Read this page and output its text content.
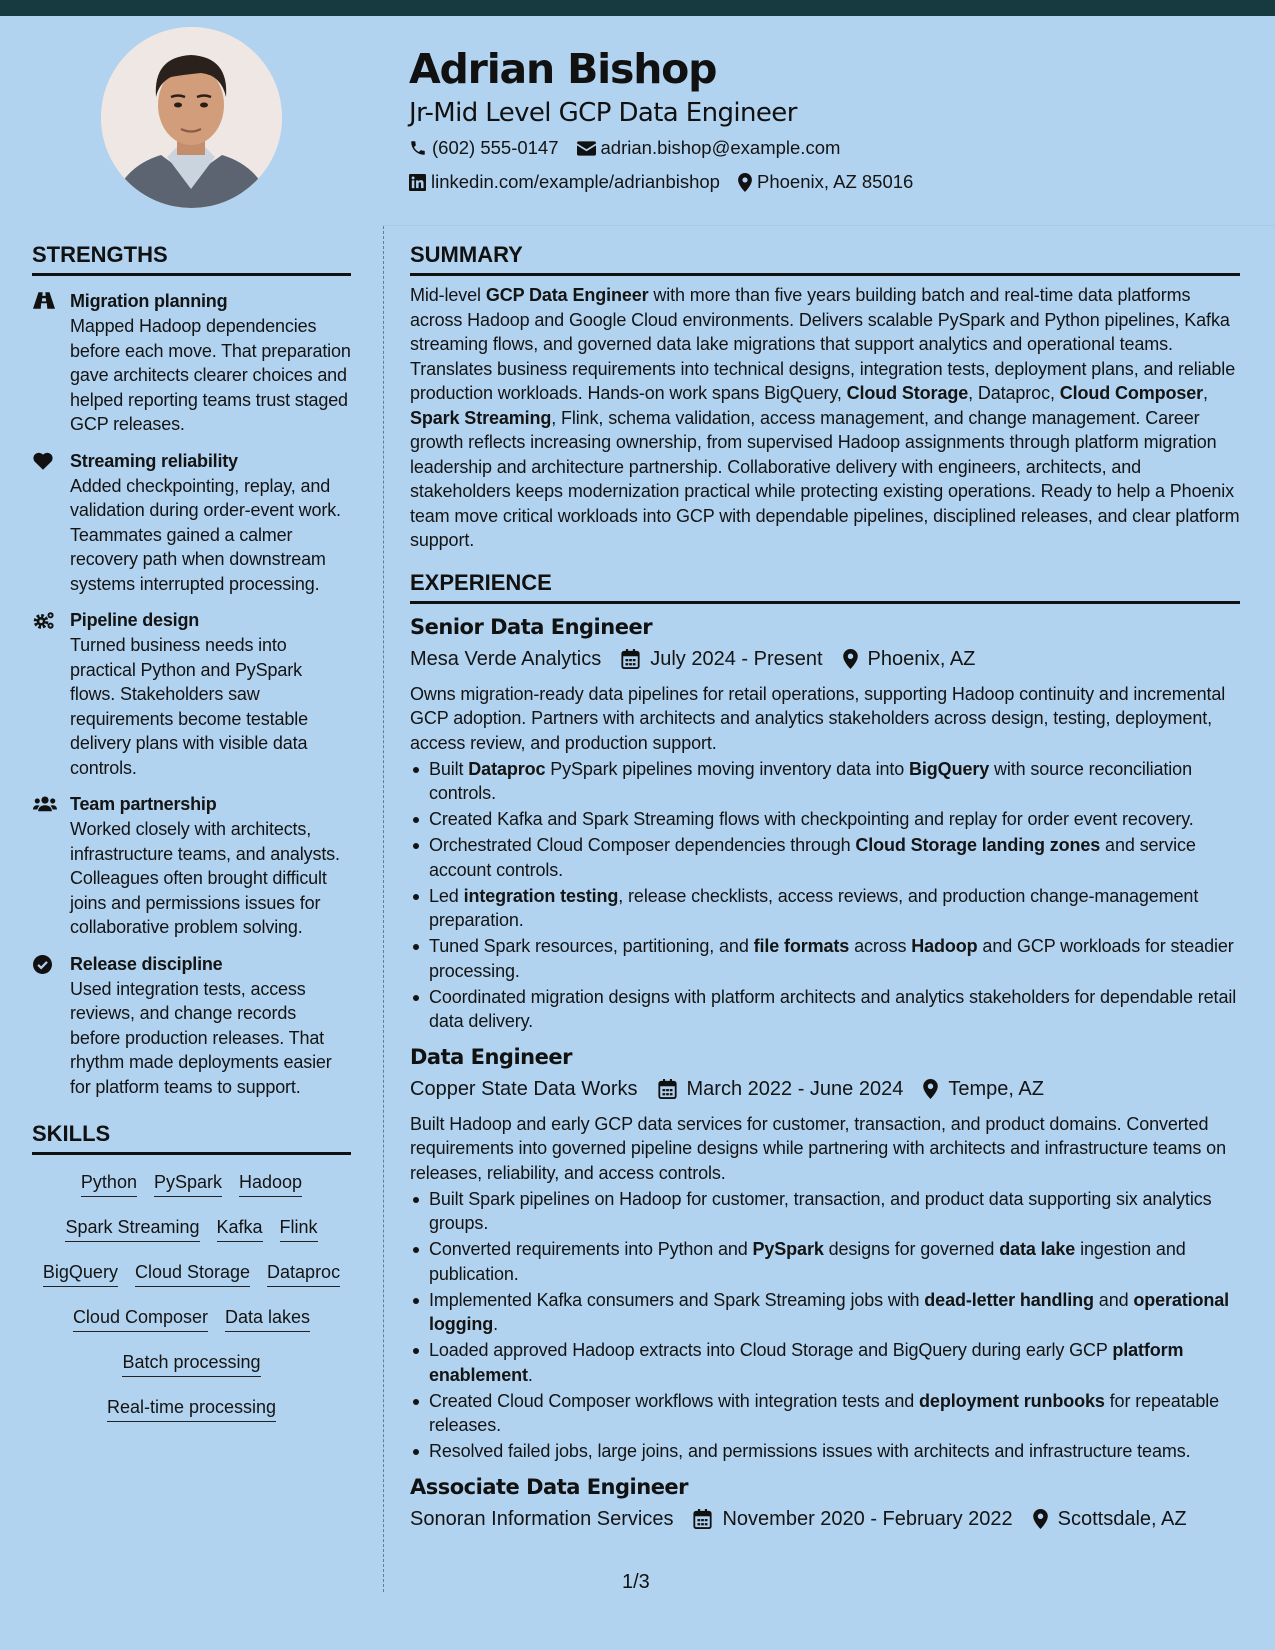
Adrian Bishop
Jr-Mid Level GCP Data Engineer
(602) 555-0147 adrian.bishop@example.com
linkedin.com/example/adrianbishop Phoenix, AZ 85016
STRENGTHS
Migration planning
Mapped Hadoop dependencies before each move. That preparation gave architects clearer choices and helped reporting teams trust staged GCP releases.
Streaming reliability
Added checkpointing, replay, and validation during order-event work. Teammates gained a calmer recovery path when downstream systems interrupted processing.
Pipeline design
Turned business needs into practical Python and PySpark flows. Stakeholders saw requirements become testable delivery plans with visible data controls.
Team partnership
Worked closely with architects, infrastructure teams, and analysts. Colleagues often brought difficult joins and permissions issues for collaborative problem solving.
Release discipline
Used integration tests, access reviews, and change records before production releases. That rhythm made deployments easier for platform teams to support.
SKILLS
Python PySpark Hadoop
Spark Streaming Kafka Flink
BigQuery Cloud Storage Dataproc
Cloud Composer Data lakes
Batch processing
Real-time processing
SUMMARY

Mid-level GCP Data Engineer with more than five years building batch and real-time data platforms across Hadoop and Google Cloud environments. Delivers scalable PySpark and Python pipelines, Kafka streaming flows, and governed data lake migrations that support analytics and operational teams. Translates business requirements into technical designs, integration tests, deployment plans, and reliable production workloads. Hands-on work spans BigQuery, Cloud Storage, Dataproc, Cloud Composer, Spark Streaming, Flink, schema validation, access management, and change management. Career growth reflects increasing ownership, from supervised Hadoop assignments through platform migration leadership and architecture partnership. Collaborative delivery with engineers, architects, and stakeholders keeps modernization practical while protecting existing operations. Ready to help a Phoenix team move critical workloads into GCP with dependable pipelines, disciplined releases, and clear platform support.

EXPERIENCE
Senior Data Engineer
Mesa Verde Analytics July 2024 - Present Phoenix, AZ

Owns migration-ready data pipelines for retail operations, supporting Hadoop continuity and incremental GCP adoption. Partners with architects and analytics stakeholders across design, testing, deployment, access review, and production support.

Built Dataproc PySpark pipelines moving inventory data into BigQuery with source reconciliation controls.
Created Kafka and Spark Streaming flows with checkpointing and replay for order event recovery.
Orchestrated Cloud Composer dependencies through Cloud Storage landing zones and service account controls.
Led integration testing, release checklists, access reviews, and production change-management preparation.
Tuned Spark resources, partitioning, and file formats across Hadoop and GCP workloads for steadier processing.
Coordinated migration designs with platform architects and analytics stakeholders for dependable retail data delivery.
Data Engineer
Copper State Data Works March 2022 - June 2024 Tempe, AZ

Built Hadoop and early GCP data services for customer, transaction, and product domains. Converted requirements into governed pipeline designs while partnering with architects and infrastructure teams on releases, reliability, and access controls.

Built Spark pipelines on Hadoop for customer, transaction, and product data supporting six analytics groups.
Converted requirements into Python and PySpark designs for governed data lake ingestion and publication.
Implemented Kafka consumers and Spark Streaming jobs with dead-letter handling and operational logging.
Loaded approved Hadoop extracts into Cloud Storage and BigQuery during early GCP platform enablement.
Created Cloud Composer workflows with integration tests and deployment runbooks for repeatable releases.
Resolved failed jobs, large joins, and permissions issues with architects and infrastructure teams.
Associate Data Engineer
Sonoran Information Services November 2020 - February 2022 Scottsdale, AZ
1/3
